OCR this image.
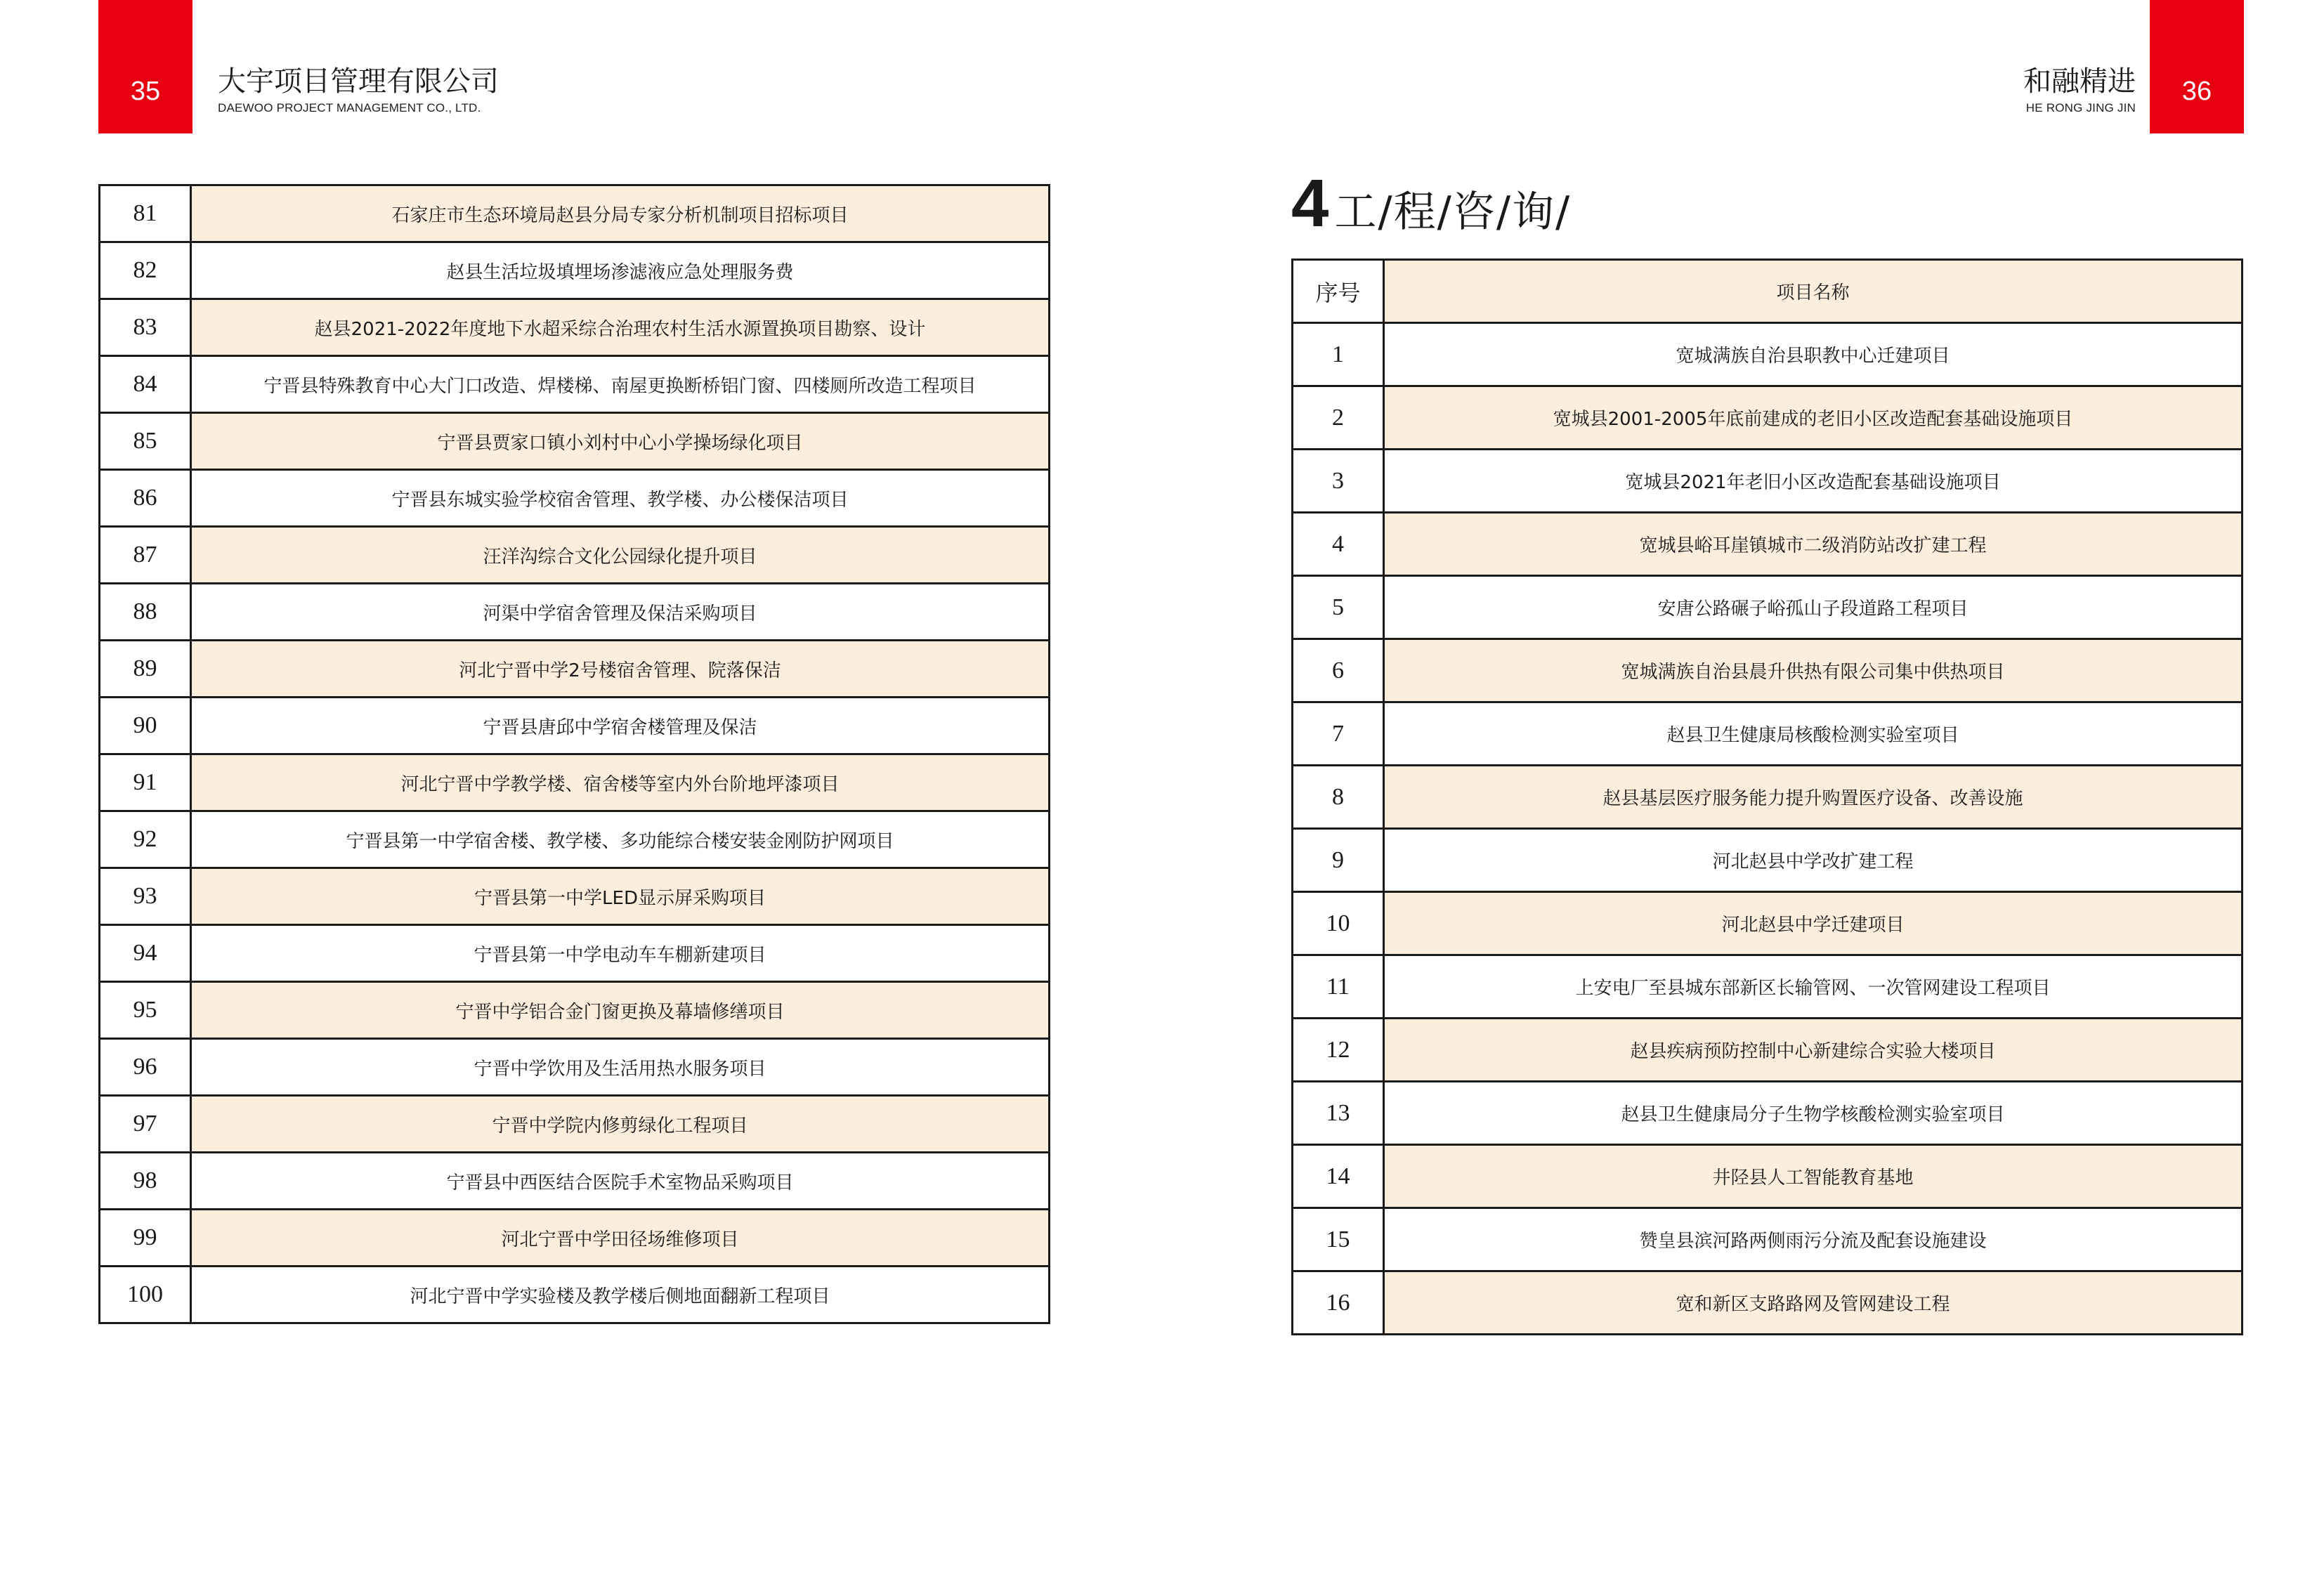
35 大宇项目管理有限公司
DAEWOO PROJECT MANAGEMENT CO., LTD.
和融精进
HE RONG JING JIN
36
81	石家庄市生态环境局赵县分局专家分析机制项目招标项目
82	赵县生活垃圾填埋场渗滤液应急处理服务费
83	赵县2021-2022年度地下水超采综合治理农村生活水源置换项目勘察、设计
84	宁晋县特殊教育中心大门口改造、焊楼梯、南屋更换断桥铝门窗、四楼厕所改造工程项目
85	宁晋县贾家口镇小刘村中心小学操场绿化项目
86	宁晋县东城实验学校宿舍管理、教学楼、办公楼保洁项目
87	汪洋沟综合文化公园绿化提升项目
88	河渠中学宿舍管理及保洁采购项目
89	河北宁晋中学2号楼宿舍管理、院落保洁
90	宁晋县唐邱中学宿舍楼管理及保洁
91	河北宁晋中学教学楼、宿舍楼等室内外台阶地坪漆项目
92	宁晋县第一中学宿舍楼、教学楼、多功能综合楼安装金刚防护网项目
93	宁晋县第一中学LED显示屏采购项目
94	宁晋县第一中学电动车车棚新建项目
95	宁晋中学铝合金门窗更换及幕墙修缮项目
96	宁晋中学饮用及生活用热水服务项目
97	宁晋中学院内修剪绿化工程项目
98	宁晋县中西医结合医院手术室物品采购项目
99	河北宁晋中学田径场维修项目
100	河北宁晋中学实验楼及教学楼后侧地面翻新工程项目
4 工/程/咨/询/
序号	项目名称
1	宽城满族自治县职教中心迁建项目
2	宽城县2001-2005年底前建成的老旧小区改造配套基础设施项目
3	宽城县2021年老旧小区改造配套基础设施项目
4	宽城县峪耳崖镇城市二级消防站改扩建工程
5	安唐公路碾子峪孤山子段道路工程项目
6	宽城满族自治县晨升供热有限公司集中供热项目
7	赵县卫生健康局核酸检测实验室项目
8	赵县基层医疗服务能力提升购置医疗设备、改善设施
9	河北赵县中学改扩建工程
10	河北赵县中学迁建项目
11	上安电厂至县城东部新区长输管网、一次管网建设工程项目
12	赵县疾病预防控制中心新建综合实验大楼项目
13	赵县卫生健康局分子生物学核酸检测实验室项目
14	井陉县人工智能教育基地
15	赞皇县滨河路两侧雨污分流及配套设施建设
16	宽和新区支路路网及管网建设工程
